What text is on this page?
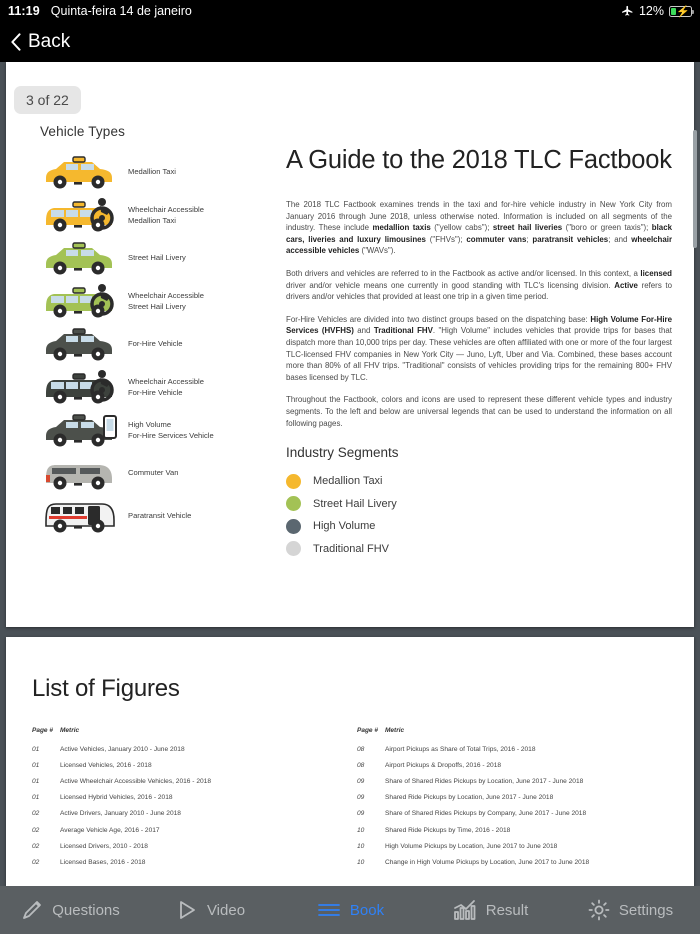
11:19 Quinta-feira 14 de janeiro	12% ⚡
Back
3 of 22
Vehicle Types
Medallion Taxi
Wheelchair Accessible
Medallion Taxi
Street Hail Livery
Wheelchair Accessible
Street Hail Livery
For-Hire Vehicle
Wheelchair Accessible
For-Hire Vehicle
High Volume
For-Hire Services Vehicle
Commuter Van
Paratransit Vehicle
A Guide to the 2018 TLC Factbook
The 2018 TLC Factbook examines trends in the taxi and for-hire vehicle industry in New York City from January 2016 through June 2018, unless otherwise noted. Information is included on all segments of the industry. These include medallion taxis ("yellow cabs"); street hail liveries ("boro or green taxis"); black cars, liveries and luxury limousines ("FHVs"); commuter vans; paratransit vehicles; and wheelchair accessible vehicles ("WAVs").
Both drivers and vehicles are referred to in the Factbook as active and/or licensed. In this context, a licensed driver and/or vehicle means one currently in good standing with TLC's licensing division. Active refers to drivers and/or vehicles that provided at least one trip in a given time period.
For-Hire Vehicles are divided into two distinct groups based on the dispatching base: High Volume For-Hire Services (HVFHS) and Traditional FHV. "High Volume" includes vehicles that provide trips for bases that dispatch more than 10,000 trips per day. These vehicles are often affiliated with one or more of the four largest TLC-licensed FHV companies in New York City — Juno, Lyft, Uber and Via. Combined, these bases account more than 80% of all FHV trips. "Traditional" consists of vehicles providing trips for the remaining 800+ FHV bases licensed by TLC.
Throughout the Factbook, colors and icons are used to represent these different vehicle types and industry segments. To the left and below are universal legends that can be used to understand the information on all following pages.
Industry Segments
Medallion Taxi
Street Hail Livery
High Volume
Traditional FHV
List of Figures
Page #	Metric
01	Active Vehicles, January 2010 - June 2018
01	Licensed Vehicles, 2016 - 2018
01	Active Wheelchair Accessible Vehicles, 2016 - 2018
01	Licensed Hybrid Vehicles, 2016 - 2018
02	Active Drivers, January 2010 - June 2018
02	Average Vehicle Age, 2016 - 2017
02	Licensed Drivers, 2010 - 2018
02	Licensed Bases, 2016 - 2018
Page #	Metric
08	Airport Pickups as Share of Total Trips, 2016 - 2018
08	Airport Pickups & Dropoffs, 2016 - 2018
09	Share of Shared Rides Pickups by Location, June 2017 - June 2018
09	Shared Ride Pickups by Location, June 2017 - June 2018
09	Share of Shared Rides Pickups by Company, June 2017 - June 2018
10	Shared Ride Pickups by Time, 2016 - 2018
10	High Volume Pickups by Location, June 2017 to June 2018
10	Change in High Volume Pickups by Location, June 2017 to June 2018
Questions	Video	Book	Result	Settings
